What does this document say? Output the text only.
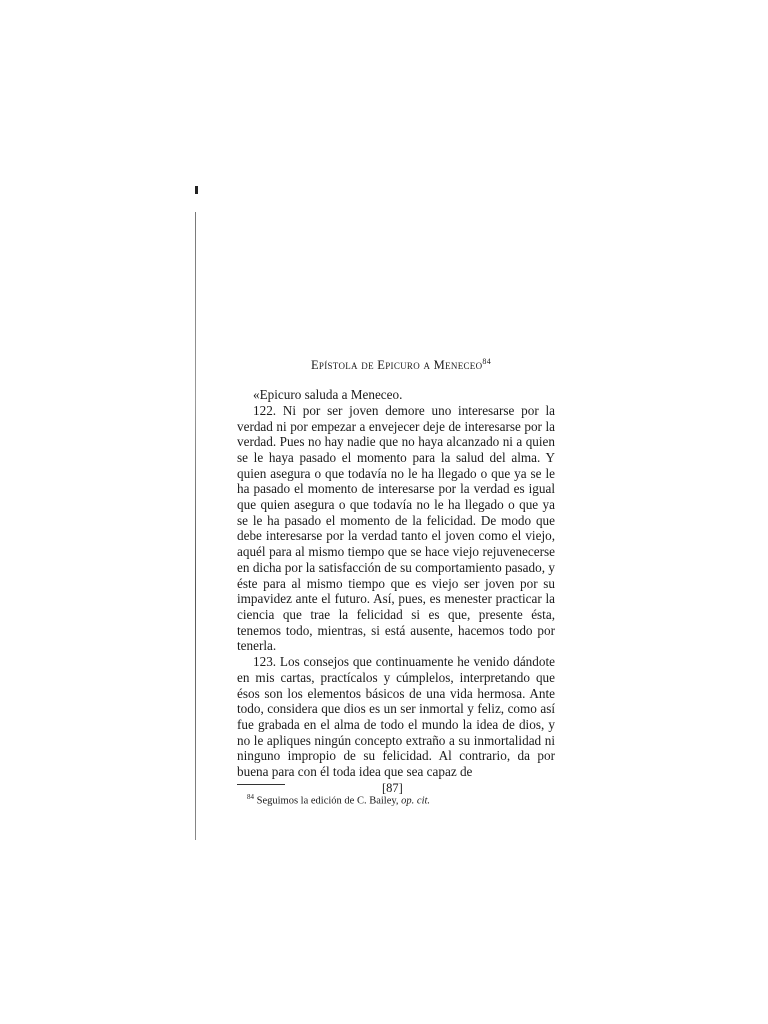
Epístola de Epicuro a Meneceo$^{84}$

«Epicuro saluda a Meneceo.

122. Ni por ser joven demore uno interesarse por la verdad ni por empezar a envejecer deje de interesarse por la verdad. Pues no hay nadie que no haya alcanzado ni a quien se le haya pasado el momento para la salud del alma. Y quien asegura o que todavía no le ha llegado o que ya se le ha pasado el momento de interesarse por la verdad es igual que quien asegura o que todavía no le ha llegado o que ya se le ha pasado el momento de la felicidad. De modo que debe interesarse por la verdad tanto el joven como el viejo, aquél para al mismo tiempo que se hace viejo rejuvenecerse en dicha por la satisfacción de su comportamiento pasado, y éste para al mismo tiempo que es viejo ser joven por su impavidez ante el futuro. Así, pues, es menester practicar la ciencia que trae la felicidad si es que, presente ésta, tenemos todo, mientras, si está ausente, hacemos todo por tenerla.

123. Los consejos que continuamente he venido dándote en mis cartas, practícalos y cúmplelos, interpretando que ésos son los elementos básicos de una vida hermosa. Ante todo, considera que dios es un ser inmortal y feliz, como así fue grabada en el alma de todo el mundo la idea de dios, y no le apliques ningún concepto extraño a su inmortalidad ni ninguno impropio de su felicidad. Al contrario, da por buena para con él toda idea que sea capaz de

$^{84}$ Seguimos la edición de C. Bailey, op. cit.
[87]
